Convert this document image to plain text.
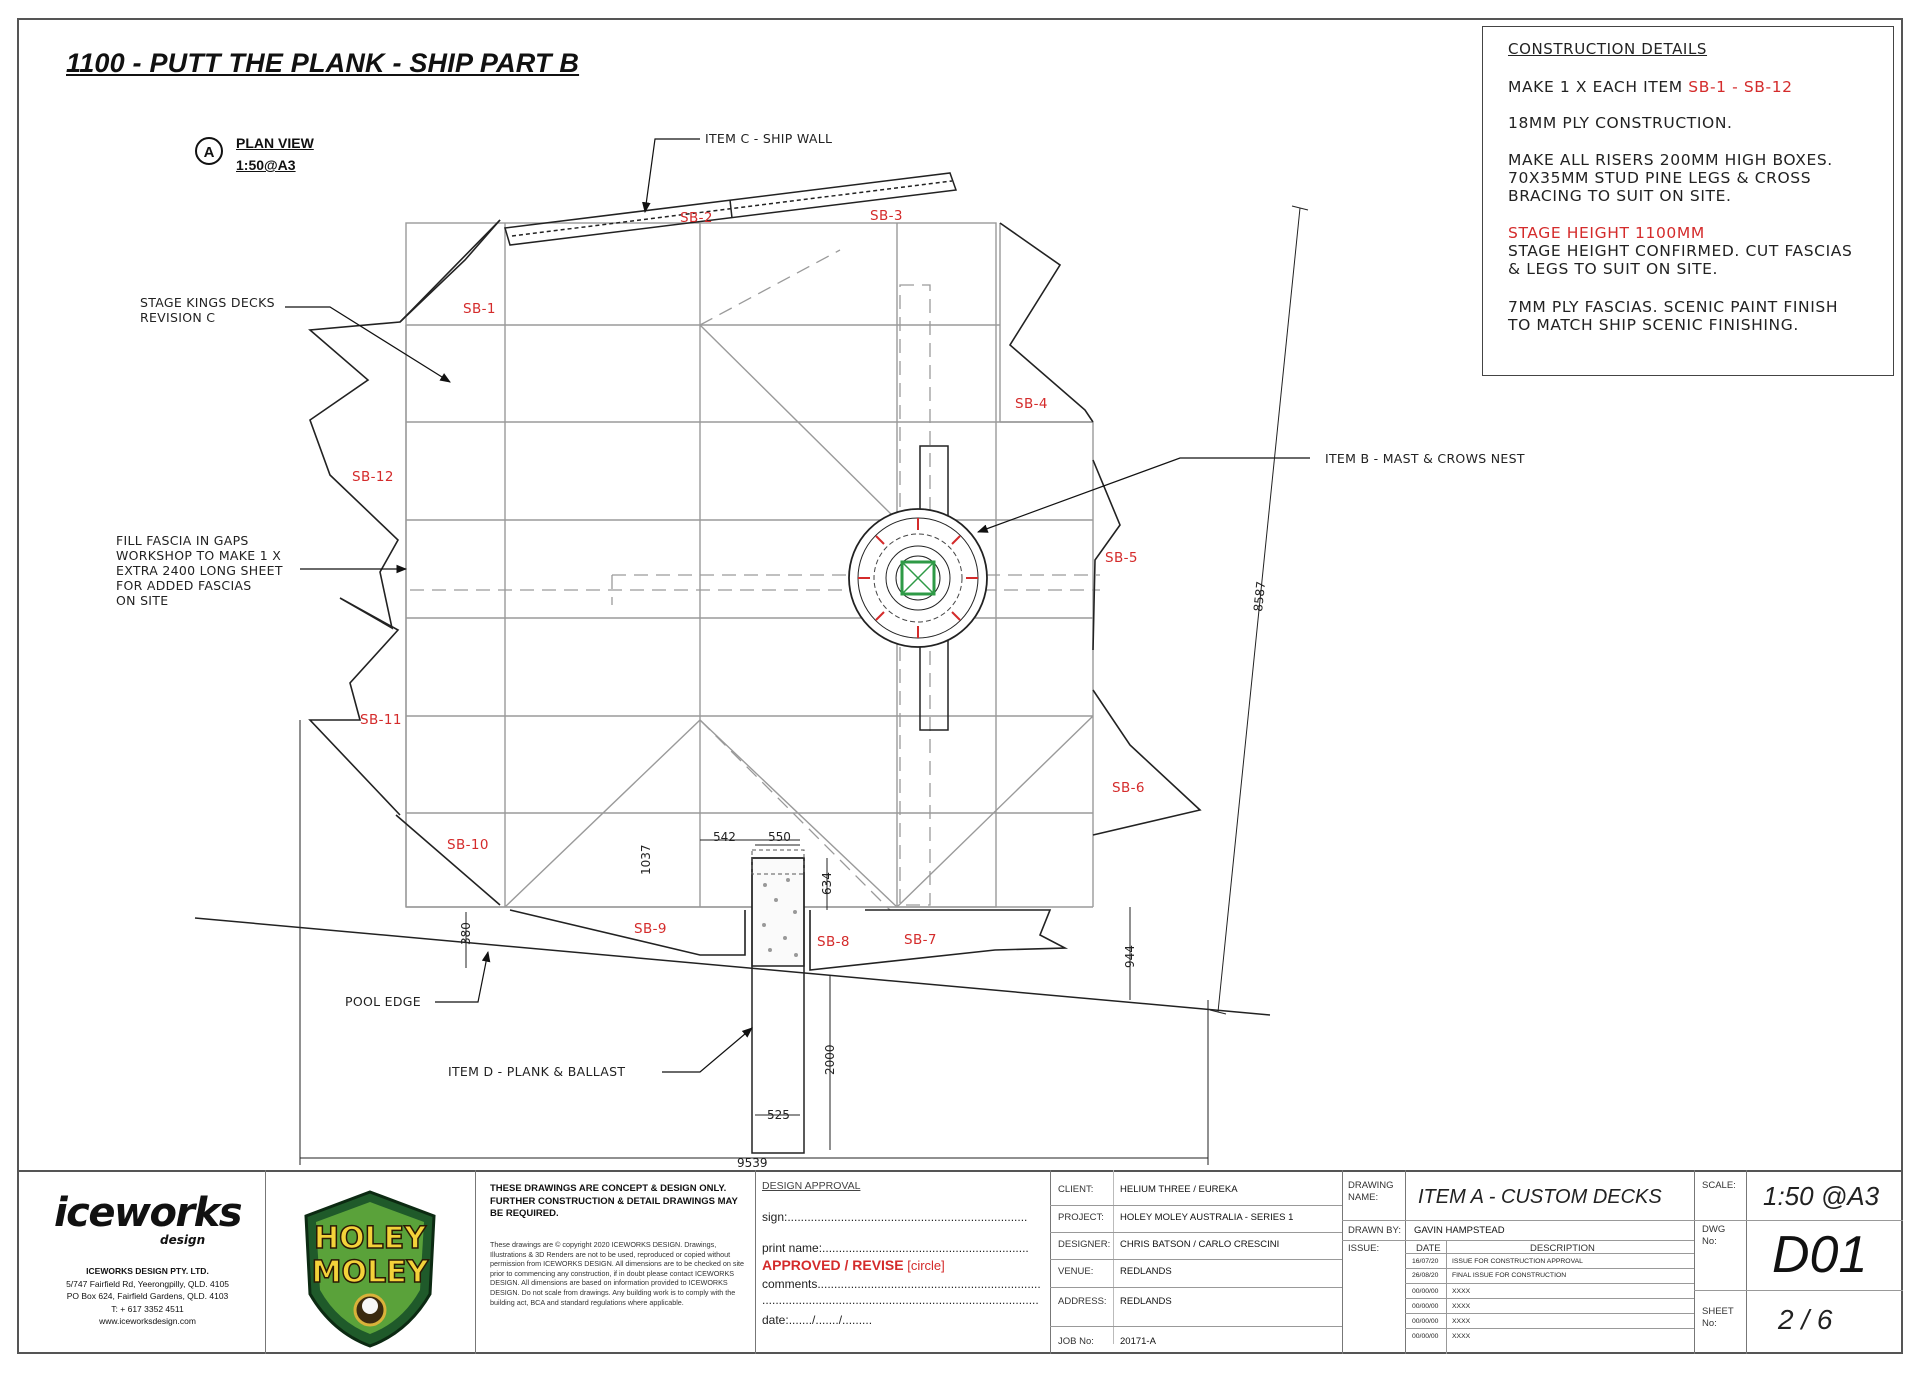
1100 - PUTT THE PLANK - SHIP PART B
A
PLAN VIEW
1:50@A3
CONSTRUCTION DETAILS
MAKE 1 X EACH ITEM SB-1 - SB-12
18MM PLY CONSTRUCTION.
MAKE ALL RISERS 200MM HIGH BOXES.
70X35MM STUD PINE LEGS & CROSS
BRACING TO SUIT ON SITE.
STAGE HEIGHT 1100MM
STAGE HEIGHT CONFIRMED. CUT FASCIAS
& LEGS TO SUIT ON SITE.
7MM PLY FASCIAS. SCENIC PAINT FINISH
TO MATCH SHIP SCENIC FINISHING.
ITEM C - SHIP WALL
STAGE KINGS DECKS
REVISION C
ITEM B - MAST & CROWS NEST
FILL FASCIA IN GAPS
WORKSHOP TO MAKE 1 X
EXTRA 2400 LONG SHEET
FOR ADDED FASCIAS
ON SITE
POOL EDGE
ITEM D - PLANK & BALLAST
SB-2	SB-3
SB-1
SB-4
SB-12
SB-5
SB-11
SB-6
SB-10
SB-9
SB-8	SB-7
8587
542	550
1037
634
380
944
2000
525
9539
iceworks
design
ICEWORKS DESIGN PTY. LTD.
5/747 Fairfield Rd, Yeerongpilly, QLD. 4105
PO Box 624, Fairfield Gardens, QLD. 4103
T: + 617 3352 4511
www.iceworksdesign.com
HOLEY
MOLEY
THESE DRAWINGS ARE CONCEPT & DESIGN ONLY. FURTHER CONSTRUCTION & DETAIL DRAWINGS MAY BE REQUIRED.
These drawings are © copyright 2020 ICEWORKS DESIGN. Drawings, Illustrations & 3D Renders are not to be used, reproduced or copied without permission from ICEWORKS DESIGN. All dimensions are to be checked on site prior to commencing any construction, if in doubt please contact ICEWORKS DESIGN. All dimensions are based on information provided to ICEWORKS DESIGN. Do not scale from drawings. Any building work is to comply with the building act, BCA and standard regulations where applicable.
DESIGN APPROVAL
sign:........................................................................
print name:..............................................................
APPROVED / REVISE [circle]
comments...................................................................
...................................................................................
date:......./......./.........
CLIENT:	HELIUM THREE / EUREKA
PROJECT: HOLEY MOLEY AUSTRALIA - SERIES 1
DESIGNER: CHRIS BATSON / CARLO CRESCINI
VENUE:	REDLANDS
ADDRESS: REDLANDS
JOB No:	20171-A
DRAWING NAME:	ITEM A - CUSTOM DECKS
DRAWN BY: GAVIN HAMPSTEAD
ISSUE:	DATE	DESCRIPTION
16/07/20 ISSUE FOR CONSTRUCTION APPROVAL
26/08/20 FINAL ISSUE FOR CONSTRUCTION
00/00/00 XXXX
00/00/00 XXXX
00/00/00 XXXX
00/00/00 XXXX
SCALE: 1:50 @A3
DWG No:	D01
SHEET No:	2 / 6
